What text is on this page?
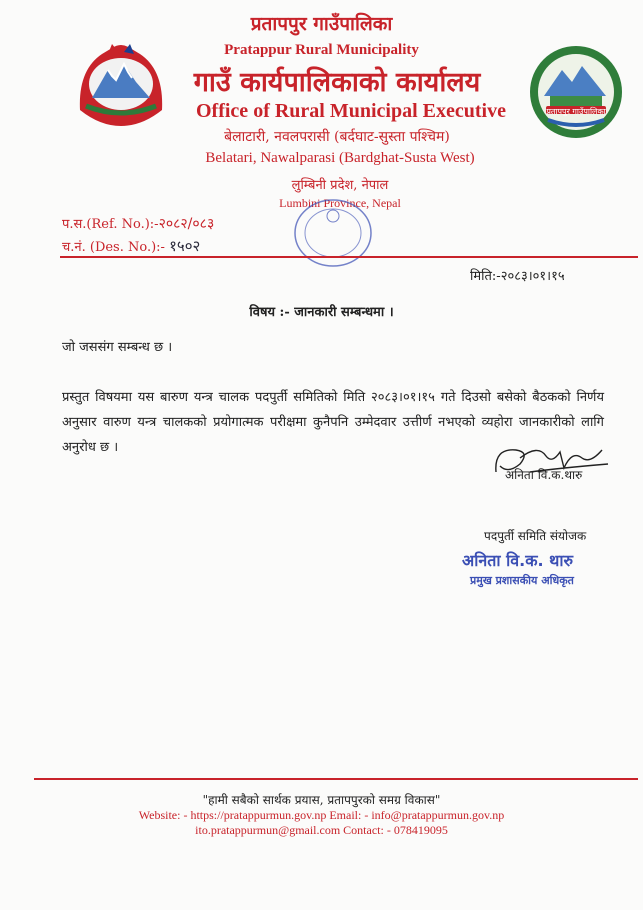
प्रतापपुर गाउँपालिका
प्रतापपुर गाउँपालिका
Pratappur Rural Municipality
गाउँ कार्यपालिकाको कार्यालय
Office of Rural Municipal Executive
बेलाटारी, नवलपरासी (बर्दघाट-सुस्ता पश्चिम)
Belatari, Nawalparasi (Bardghat-Susta West)
लुम्बिनी प्रदेश, नेपाल
Lumbini Province, Nepal
प.स.(Ref. No.):-२०८२/०८३
च.नं. (Des. No.):- १५०२
मिति:-२०८३।०१।१५
विषय :- जानकारी सम्बन्धमा ।
जो जससंग सम्बन्ध छ ।
प्रस्तुत विषयमा यस बारुण यन्त्र चालक पदपुर्ती समितिको मिति २०८३।०१।१५ गते दिउसो बसेको बैठकको निर्णय अनुसार वारुण यन्त्र चालकको प्रयोगात्मक परीक्षमा कुनैपनि उम्मेदवार उत्तीर्ण नभएको व्यहोरा जानकारीको लागि अनुरोध छ ।
अनिता वि.क.थारु
पदपुर्ती समिति संयोजक
अनिता वि.क. थारु
प्रमुख प्रशासकीय अधिकृत
"हामी सबैको सार्थक प्रयास, प्रतापपुरको समग्र विकास"
Website: - https://pratappurmun.gov.np Email: - info@pratappurmun.gov.np
ito.pratappurmun@gmail.com Contact: - 078419095
